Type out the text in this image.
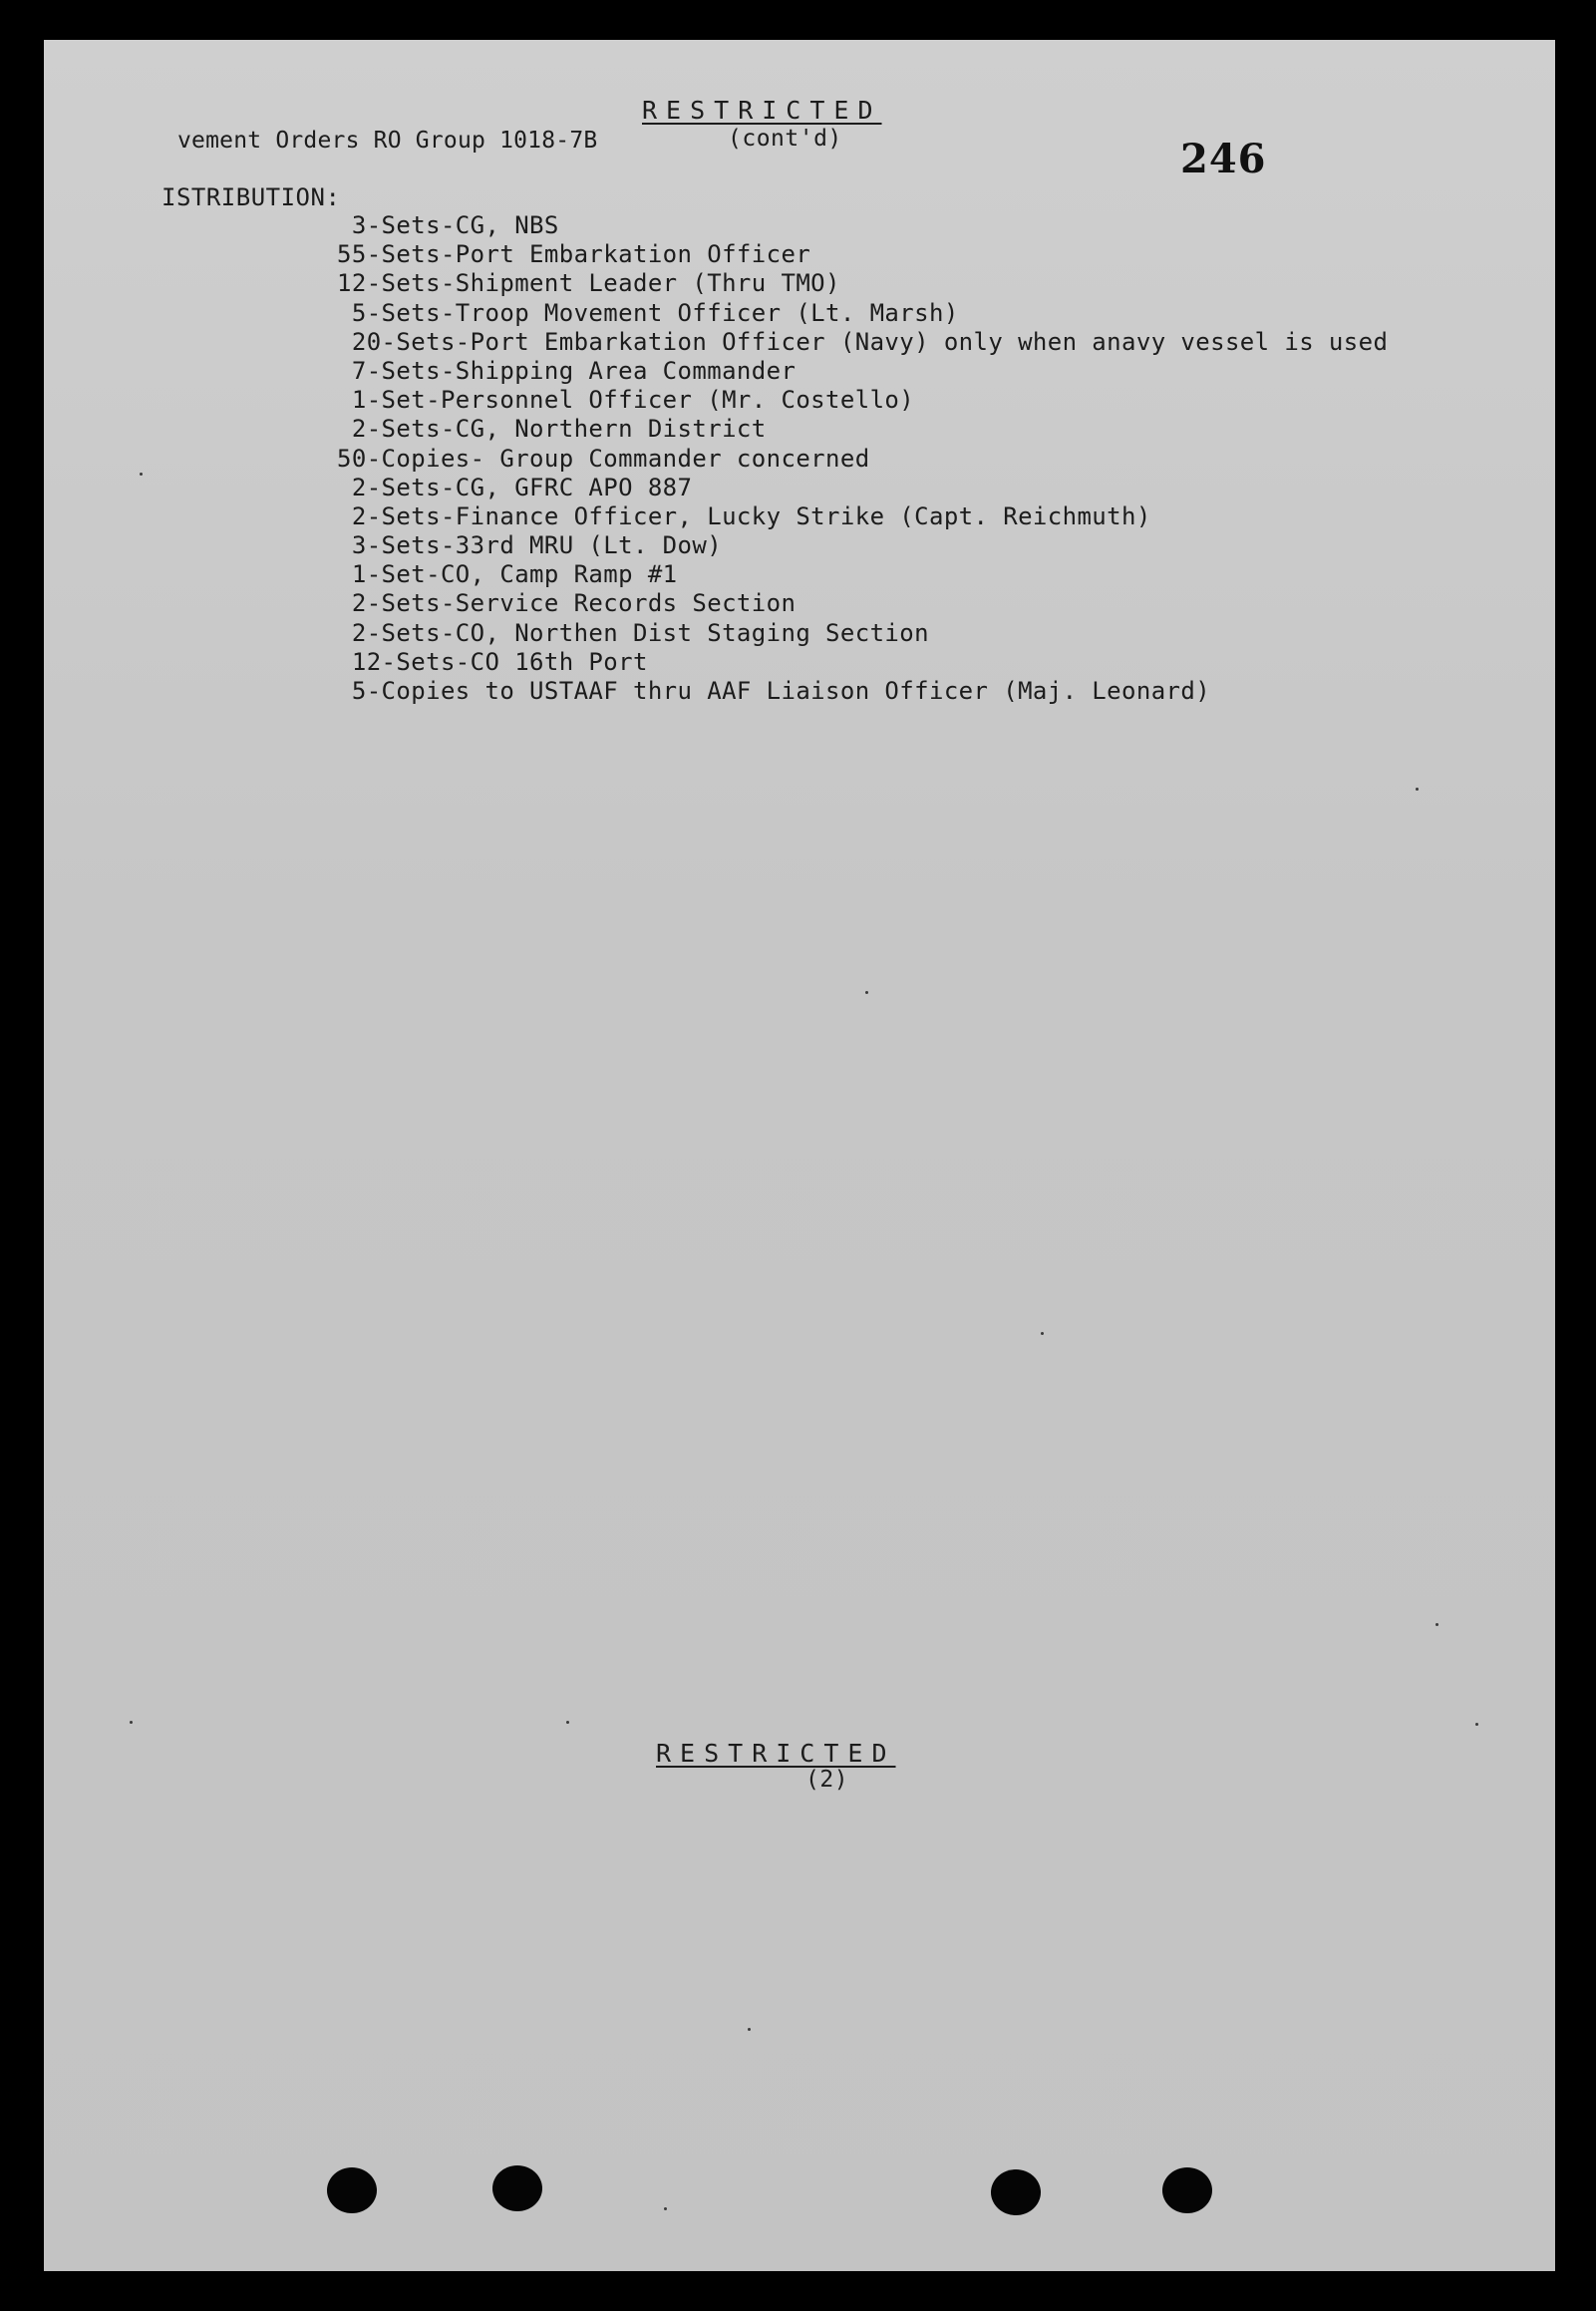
RESTRICTED
vement Orders RO Group 1018-7B	(cont'd)	246
ISTRIBUTION:
3-Sets-CG, NBS
55-Sets-Port Embarkation Officer
12-Sets-Shipment Leader (Thru TMO)
5-Sets-Troop Movement Officer (Lt. Marsh)
20-Sets-Port Embarkation Officer (Navy) only when anavy vessel is used
7-Sets-Shipping Area Commander
1-Set-Personnel Officer (Mr. Costello)
2-Sets-CG, Northern District
50-Copies- Group Commander concerned
2-Sets-CG, GFRC APO 887
2-Sets-Finance Officer, Lucky Strike (Capt. Reichmuth)
3-Sets-33rd MRU (Lt. Dow)
1-Set-CO, Camp Ramp #1
2-Sets-Service Records Section
2-Sets-CO, Northen Dist Staging Section
12-Sets-CO 16th Port
5-Copies to USTAAF thru AAF Liaison Officer (Maj. Leonard)
RESTRICTED
(2)
